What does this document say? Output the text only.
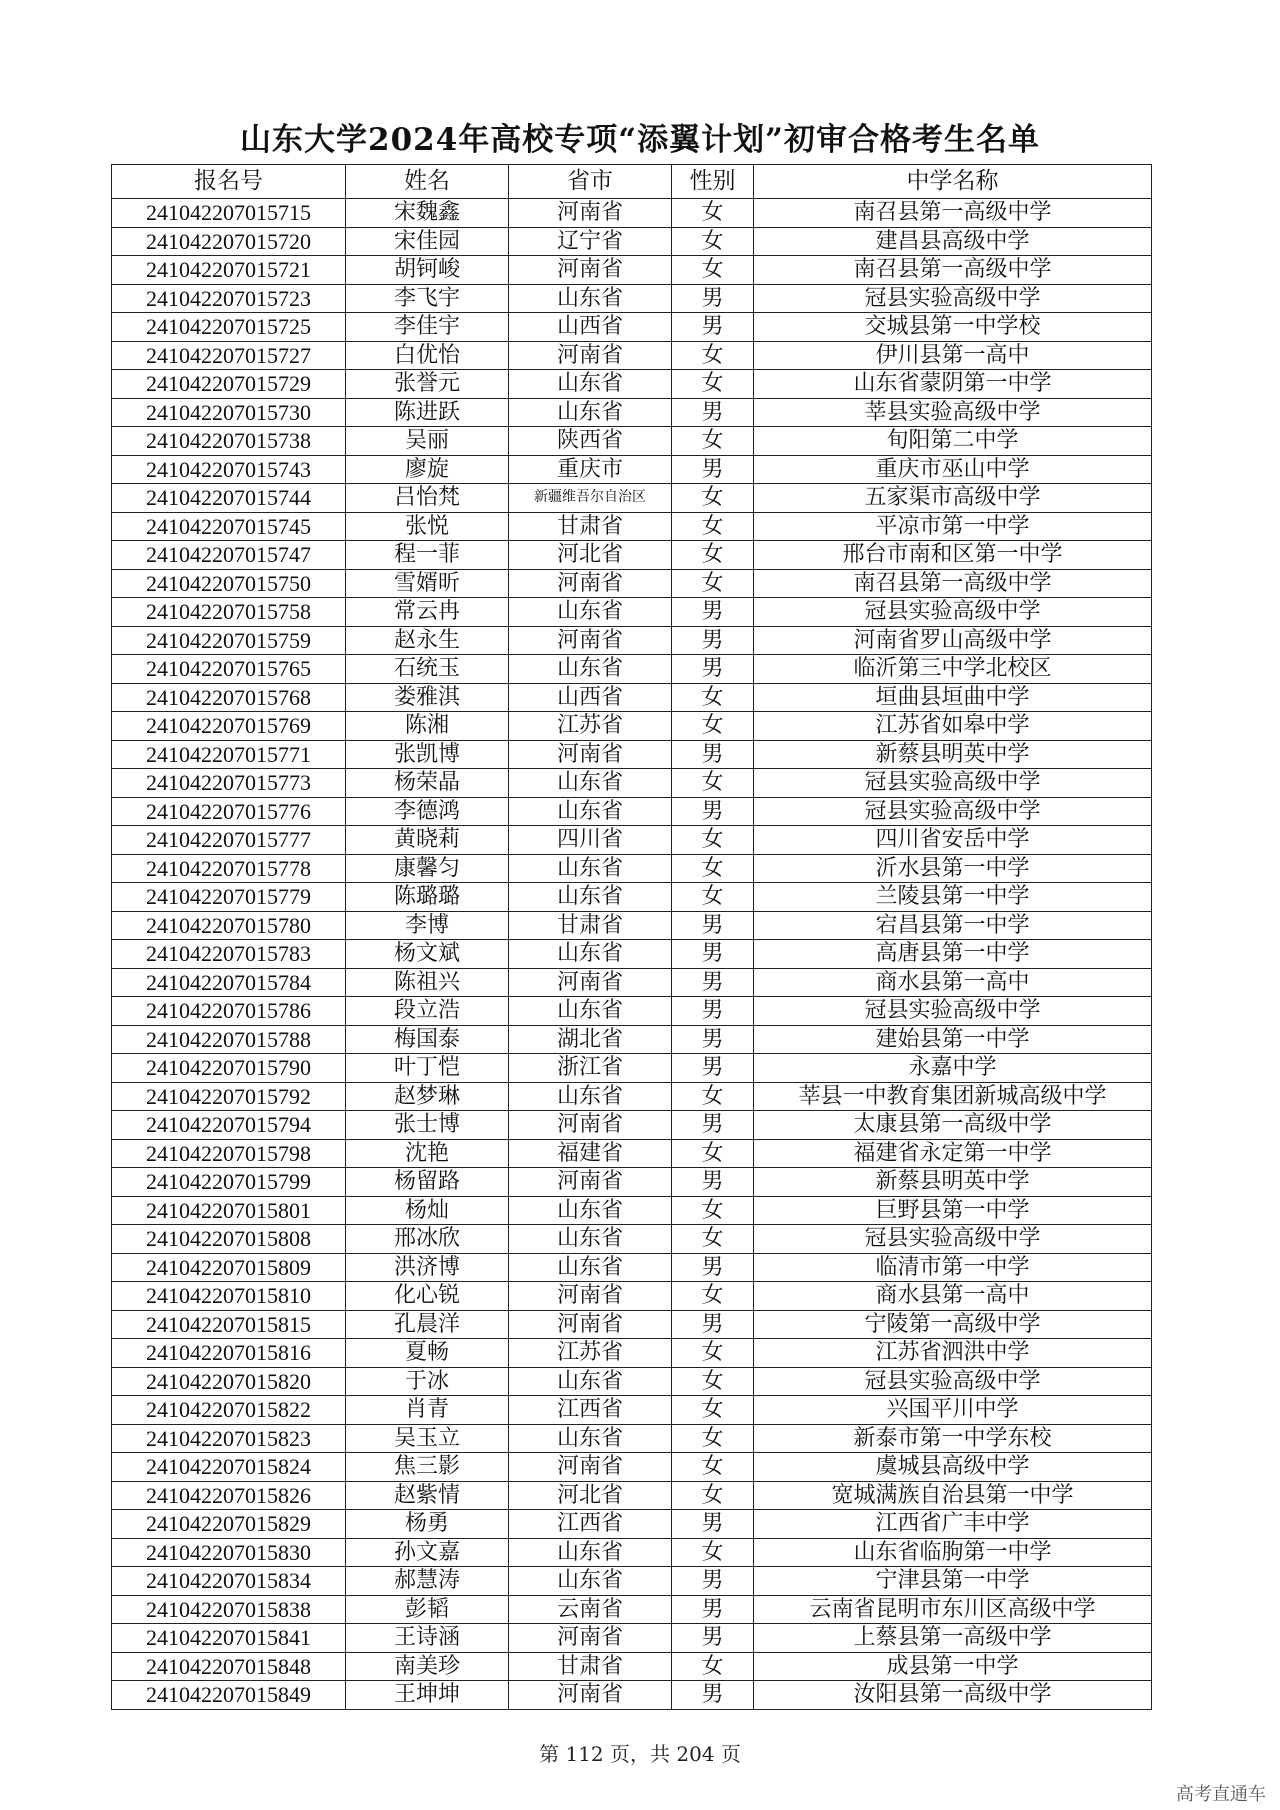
山东大学2024年高校专项“添翼计划”初审合格考生名单
报名号	姓名	省市	性别	中学名称
241042207015715	宋魏鑫	河南省	女	南召县第一高级中学
241042207015720	宋佳园	辽宁省	女	建昌县高级中学
241042207015721	胡钶峻	河南省	女	南召县第一高级中学
241042207015723	李飞宇	山东省	男	冠县实验高级中学
241042207015725	李佳宇	山西省	男	交城县第一中学校
241042207015727	白优怡	河南省	女	伊川县第一高中
241042207015729	张誉元	山东省	女	山东省蒙阴第一中学
241042207015730	陈进跃	山东省	男	莘县实验高级中学
241042207015738	吴丽	陕西省	女	旬阳第二中学
241042207015743	廖旋	重庆市	男	重庆市巫山中学
241042207015744	吕怡梵	新疆维吾尔自治区	女	五家渠市高级中学
241042207015745	张悦	甘肃省	女	平凉市第一中学
241042207015747	程一菲	河北省	女	邢台市南和区第一中学
241042207015750	雪婿昕	河南省	女	南召县第一高级中学
241042207015758	常云冉	山东省	男	冠县实验高级中学
241042207015759	赵永生	河南省	男	河南省罗山高级中学
241042207015765	石统玉	山东省	男	临沂第三中学北校区
241042207015768	娄雅淇	山西省	女	垣曲县垣曲中学
241042207015769	陈湘	江苏省	女	江苏省如皋中学
241042207015771	张凯博	河南省	男	新蔡县明英中学
241042207015773	杨荣晶	山东省	女	冠县实验高级中学
241042207015776	李德鸿	山东省	男	冠县实验高级中学
241042207015777	黄晓莉	四川省	女	四川省安岳中学
241042207015778	康馨匀	山东省	女	沂水县第一中学
241042207015779	陈璐璐	山东省	女	兰陵县第一中学
241042207015780	李博	甘肃省	男	宕昌县第一中学
241042207015783	杨文斌	山东省	男	高唐县第一中学
241042207015784	陈祖兴	河南省	男	商水县第一高中
241042207015786	段立浩	山东省	男	冠县实验高级中学
241042207015788	梅国泰	湖北省	男	建始县第一中学
241042207015790	叶丁恺	浙江省	男	永嘉中学
241042207015792	赵梦琳	山东省	女	莘县一中教育集团新城高级中学
241042207015794	张士博	河南省	男	太康县第一高级中学
241042207015798	沈艳	福建省	女	福建省永定第一中学
241042207015799	杨留路	河南省	男	新蔡县明英中学
241042207015801	杨灿	山东省	女	巨野县第一中学
241042207015808	邢冰欣	山东省	女	冠县实验高级中学
241042207015809	洪济博	山东省	男	临清市第一中学
241042207015810	化心锐	河南省	女	商水县第一高中
241042207015815	孔晨洋	河南省	男	宁陵第一高级中学
241042207015816	夏畅	江苏省	女	江苏省泗洪中学
241042207015820	于冰	山东省	女	冠县实验高级中学
241042207015822	肖青	江西省	女	兴国平川中学
241042207015823	吴玉立	山东省	女	新泰市第一中学东校
241042207015824	焦三影	河南省	女	虞城县高级中学
241042207015826	赵紫情	河北省	女	宽城满族自治县第一中学
241042207015829	杨勇	江西省	男	江西省广丰中学
241042207015830	孙文嘉	山东省	女	山东省临朐第一中学
241042207015834	郝慧涛	山东省	男	宁津县第一中学
241042207015838	彭韬	云南省	男	云南省昆明市东川区高级中学
241042207015841	王诗涵	河南省	男	上蔡县第一高级中学
241042207015848	南美珍	甘肃省	女	成县第一中学
241042207015849	王坤坤	河南省	男	汝阳县第一高级中学
第 112 页，共 204 页
高考直通车
